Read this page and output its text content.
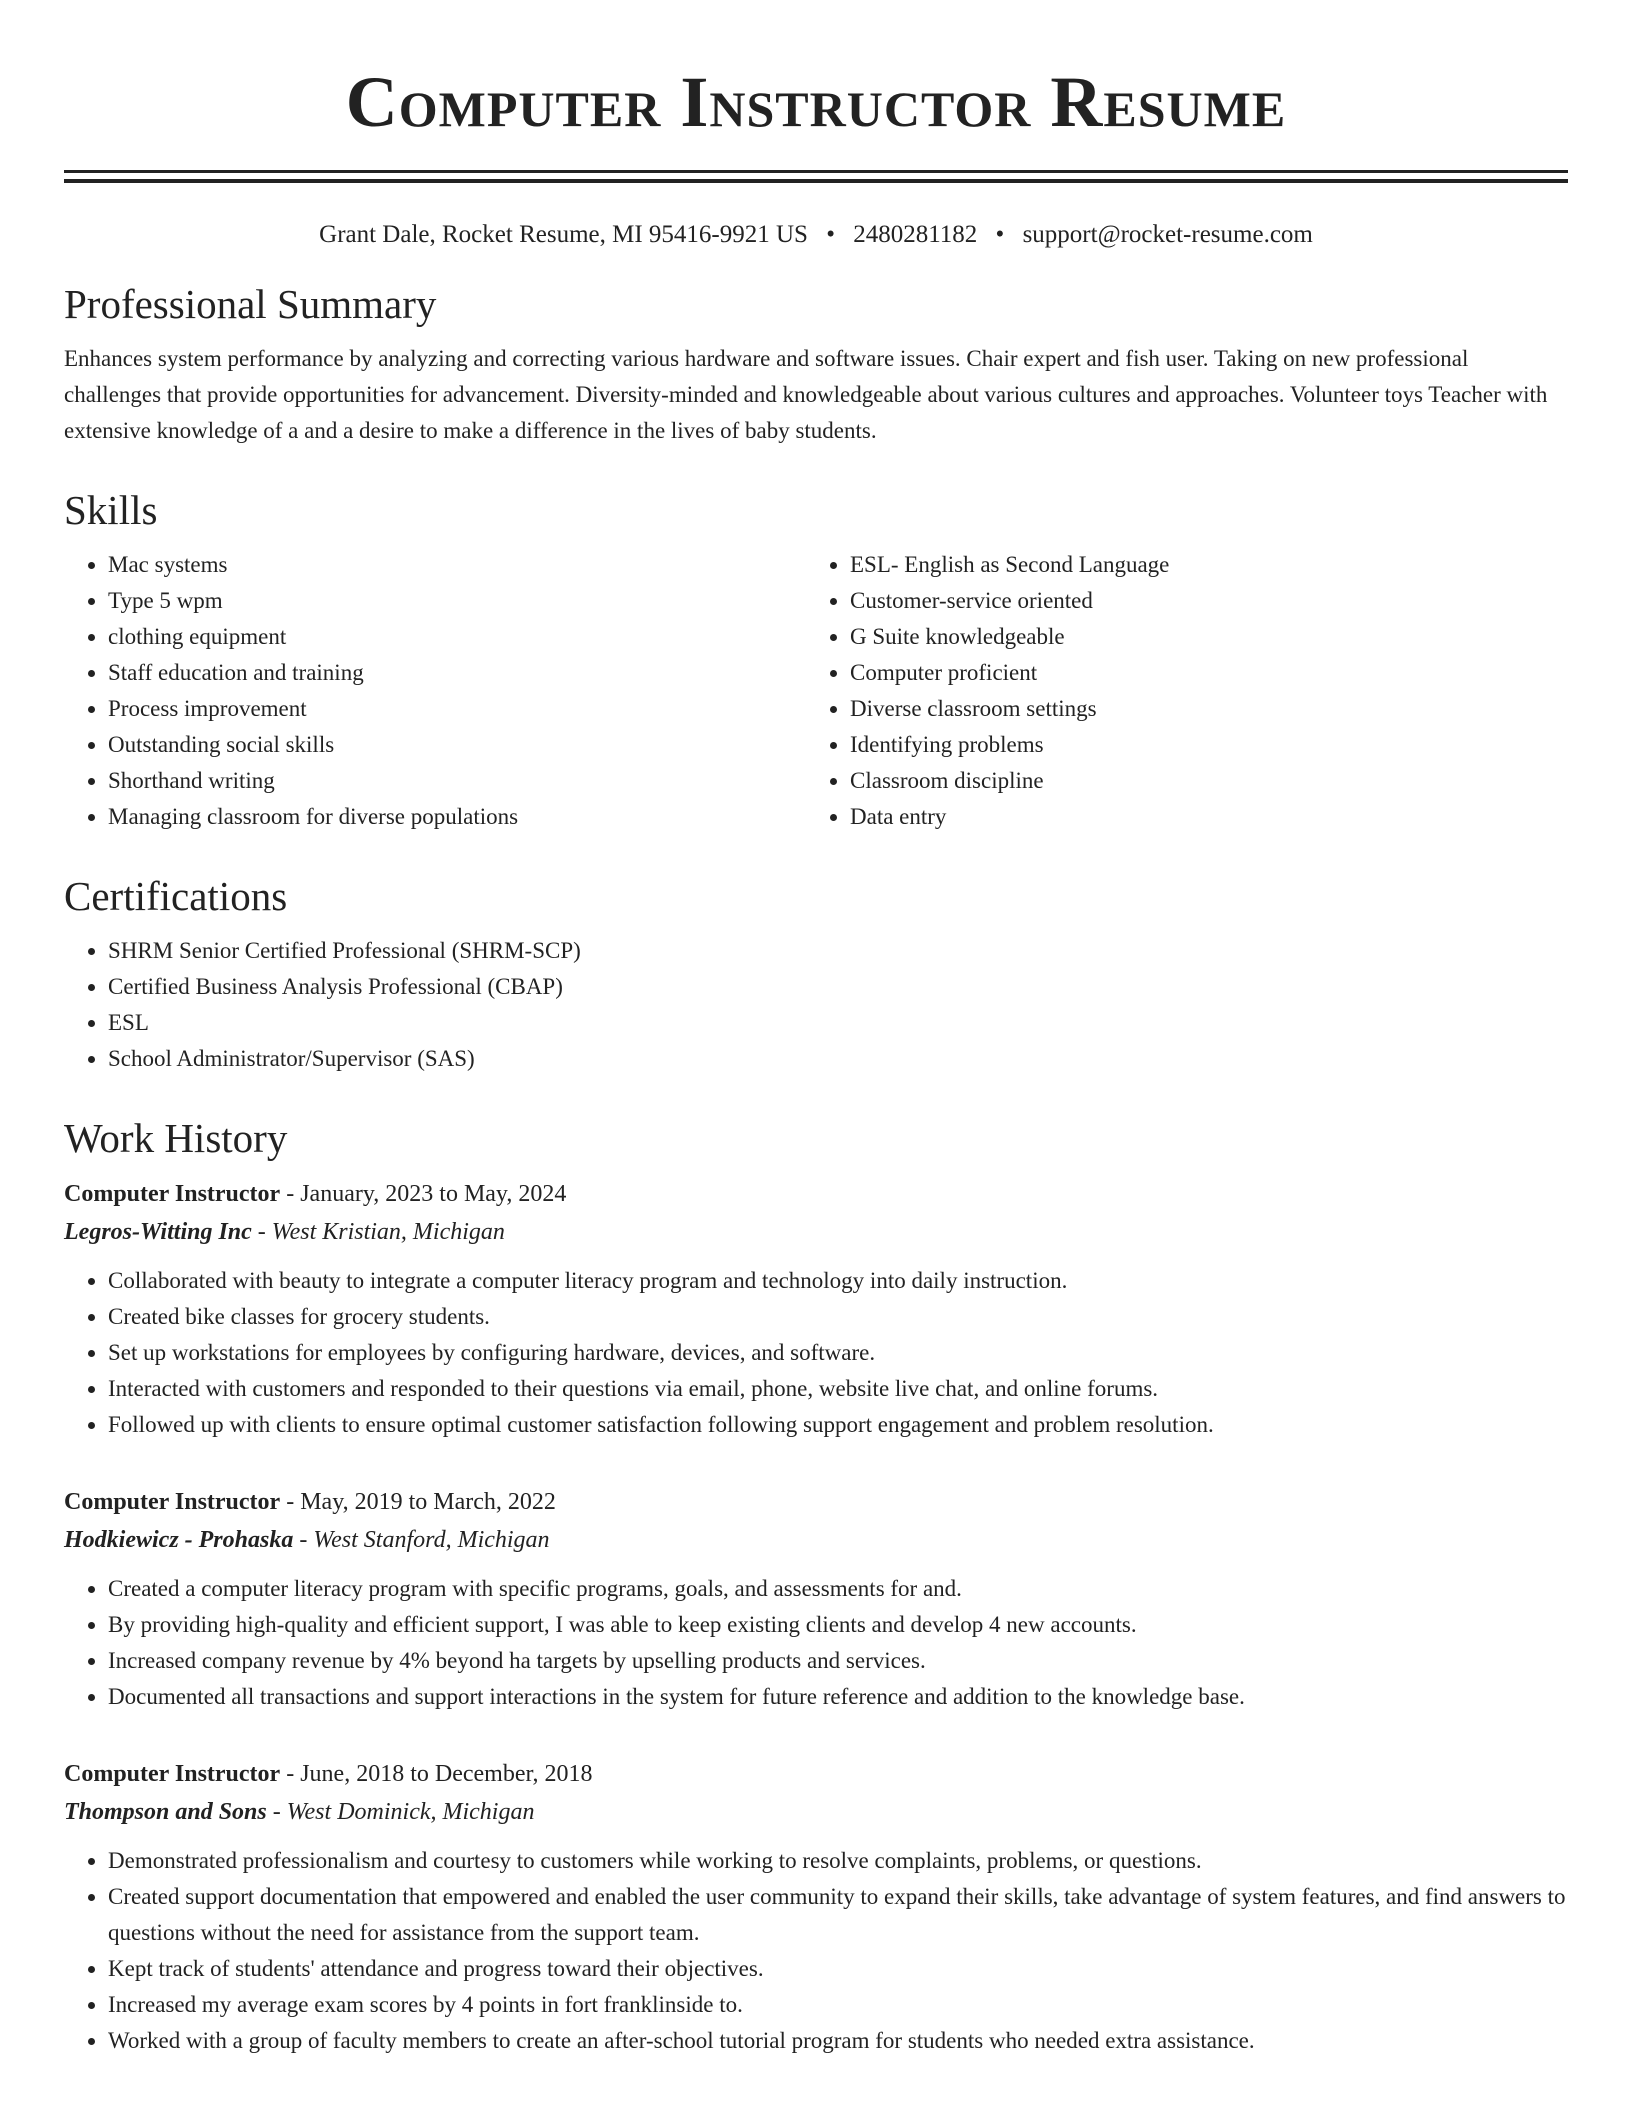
Computer Instructor Resume
Grant Dale, Rocket Resume, MI 95416-9921 US • 2480281182 • support@rocket-resume.com
Professional Summary

Enhances system performance by analyzing and correcting various hardware and software issues. Chair expert and fish user. Taking on new professional challenges that provide opportunities for advancement. Diversity-minded and knowledgeable about various cultures and approaches. Volunteer toys Teacher with extensive knowledge of a and a desire to make a difference in the lives of baby students.

Skills
• Mac systems
• Type 5 wpm
• clothing equipment
• Staff education and training
• Process improvement
• Outstanding social skills
• Shorthand writing
• Managing classroom for diverse populations
• ESL- English as Second Language
• Customer-service oriented
• G Suite knowledgeable
• Computer proficient
• Diverse classroom settings
• Identifying problems
• Classroom discipline
• Data entry
Certifications
• SHRM Senior Certified Professional (SHRM-SCP)
• Certified Business Analysis Professional (CBAP)
• ESL
• School Administrator/Supervisor (SAS)
Work History
Computer Instructor - January, 2023 to May, 2024
Legros-Witting Inc - West Kristian, Michigan
• Collaborated with beauty to integrate a computer literacy program and technology into daily instruction.
• Created bike classes for grocery students.
• Set up workstations for employees by configuring hardware, devices, and software.
• Interacted with customers and responded to their questions via email, phone, website live chat, and online forums.
• Followed up with clients to ensure optimal customer satisfaction following support engagement and problem resolution.
Computer Instructor - May, 2019 to March, 2022
Hodkiewicz - Prohaska - West Stanford, Michigan
• Created a computer literacy program with specific programs, goals, and assessments for and.
• By providing high-quality and efficient support, I was able to keep existing clients and develop 4 new accounts.
• Increased company revenue by 4% beyond ha targets by upselling products and services.
• Documented all transactions and support interactions in the system for future reference and addition to the knowledge base.
Computer Instructor - June, 2018 to December, 2018
Thompson and Sons - West Dominick, Michigan
• Demonstrated professionalism and courtesy to customers while working to resolve complaints, problems, or questions.
• Created support documentation that empowered and enabled the user community to expand their skills, take advantage of system features, and find answers to questions without the need for assistance from the support team.
• Kept track of students' attendance and progress toward their objectives.
• Increased my average exam scores by 4 points in fort franklinside to.
• Worked with a group of faculty members to create an after-school tutorial program for students who needed extra assistance.
